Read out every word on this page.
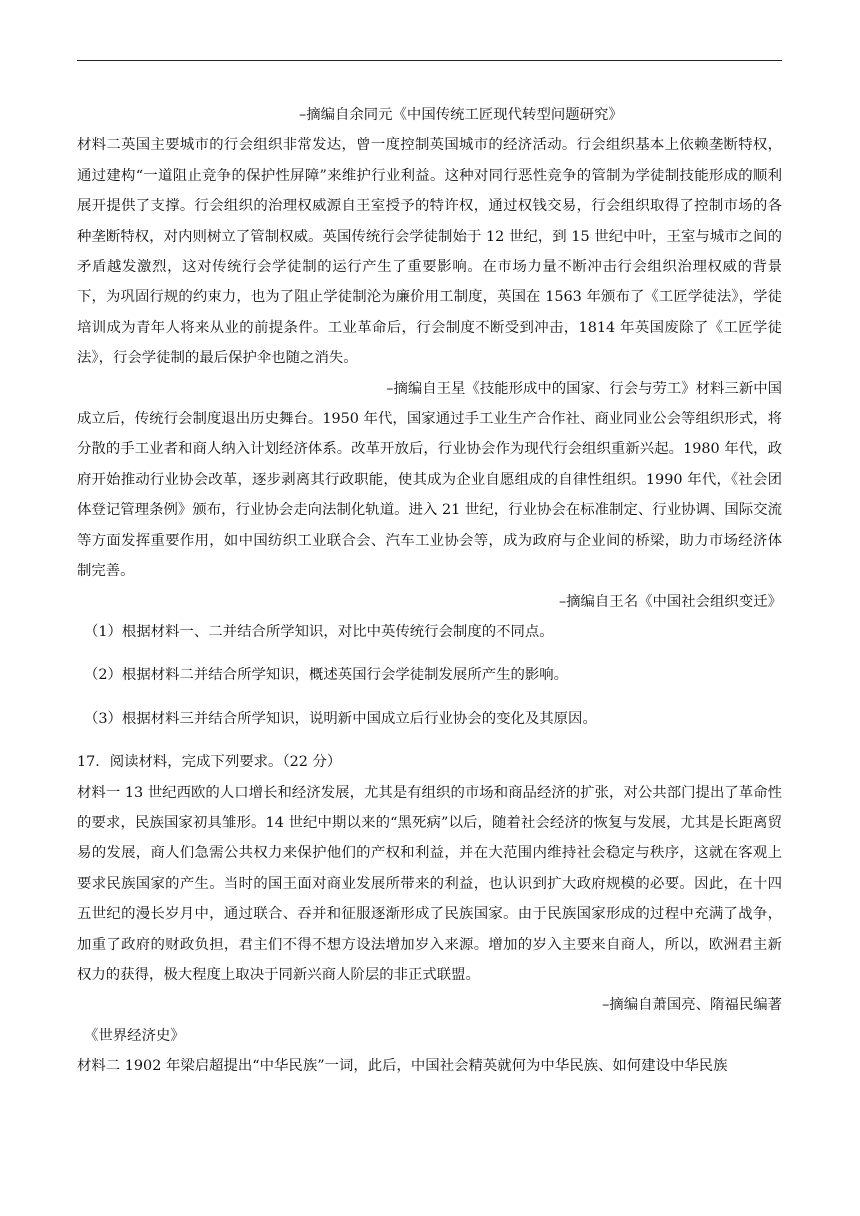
–摘编自余同元《中国传统工匠现代转型问题研究》

材料二英国主要城市的行会组织非常发达，曾一度控制英国城市的经济活动。行会组织基本上依赖垄断特权，通过建构“一道阻止竞争的保护性屏障”来维护行业利益。这种对同行恶性竞争的管制为学徒制技能形成的顺利展开提供了支撑。行会组织的治理权威源自王室授予的特许权，通过权钱交易，行会组织取得了控制市场的各种垄断特权，对内则树立了管制权威。英国传统行会学徒制始于 12 世纪，到 15 世纪中叶，王室与城市之间的矛盾越发激烈，这对传统行会学徒制的运行产生了重要影响。在市场力量不断冲击行会组织治理权威的背景下，为巩固行规的约束力，也为了阻止学徒制沦为廉价用工制度，英国在 1563 年颁布了《工匠学徒法》，学徒培训成为青年人将来从业的前提条件。工业革命后，行会制度不断受到冲击，1814 年英国废除了《工匠学徒法》，行会学徒制的最后保护伞也随之消失。

–摘编自王星《技能形成中的国家、行会与劳工》材料三新中国

成立后，传统行会制度退出历史舞台。1950 年代，国家通过手工业生产合作社、商业同业公会等组织形式，将分散的手工业者和商人纳入计划经济体系。改革开放后，行业协会作为现代行会组织重新兴起。1980 年代，政府开始推动行业协会改革，逐步剥离其行政职能，使其成为企业自愿组成的自律性组织。1990 年代，《社会团体登记管理条例》颁布，行业协会走向法制化轨道。进入 21 世纪，行业协会在标准制定、行业协调、国际交流等方面发挥重要作用，如中国纺织工业联合会、汽车工业协会等，成为政府与企业间的桥梁，助力市场经济体制完善。

–摘编自王名《中国社会组织变迁》

（1）根据材料一、二并结合所学知识，对比中英传统行会制度的不同点。

（2）根据材料二并结合所学知识，概述英国行会学徒制发展所产生的影响。

（3）根据材料三并结合所学知识，说明新中国成立后行业协会的变化及其原因。

17．阅读材料，完成下列要求。（22 分）

材料一 13 世纪西欧的人口增长和经济发展，尤其是有组织的市场和商品经济的扩张，对公共部门提出了革命性的要求，民族国家初具雏形。14 世纪中期以来的“黑死病”以后，随着社会经济的恢复与发展，尤其是长距离贸易的发展，商人们急需公共权力来保护他们的产权和利益，并在大范围内维持社会稳定与秩序，这就在客观上要求民族国家的产生。当时的国王面对商业发展所带来的利益，也认识到扩大政府规模的必要。因此，在十四五世纪的漫长岁月中，通过联合、吞并和征服逐渐形成了民族国家。由于民族国家形成的过程中充满了战争，加重了政府的财政负担，君主们不得不想方设法增加岁入来源。增加的岁入主要来自商人，所以，欧洲君主新权力的获得，极大程度上取决于同新兴商人阶层的非正式联盟。

–摘编自萧国亮、隋福民编著

《世界经济史》

材料二 1902 年梁启超提出“中华民族”一词，此后，中国社会精英就何为中华民族、如何建设中华民族
